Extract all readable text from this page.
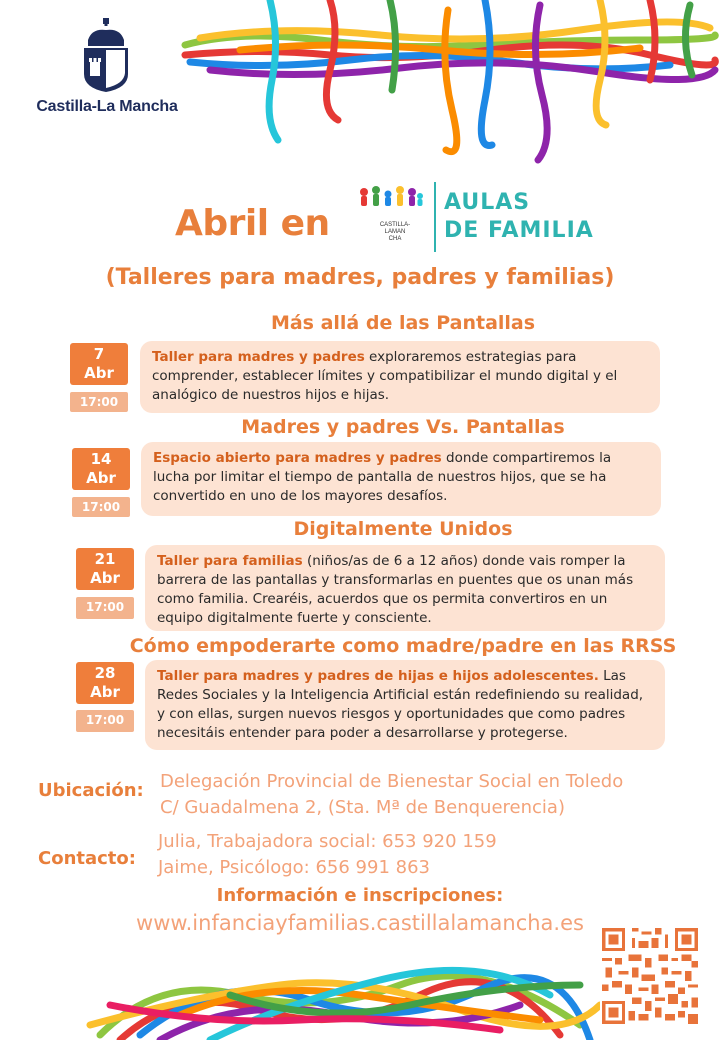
Castilla-La Mancha
Abril en	CASTILLA-
LAMAN
CHA
AULAS
DE FAMILIA
(Talleres para madres, padres y familias)
Más allá de las Pantallas
7
Abr
17:00
Taller para madres y padres exploraremos estrategias para comprender, establecer límites y compatibilizar el mundo digital y el analógico de nuestros hijos e hijas.
Madres y padres Vs. Pantallas
14
Abr
17:00
Espacio abierto para madres y padres donde compartiremos la lucha por limitar el tiempo de pantalla de nuestros hijos, que se ha convertido en uno de los mayores desafíos.
Digitalmente Unidos
21
Abr
17:00
Taller para familias (niños/as de 6 a 12 años) donde vais romper la barrera de las pantallas y transformarlas en puentes que os unan más como familia. Crearéis, acuerdos que os permita convertiros en un equipo digitalmente fuerte y consciente.
Cómo empoderarte como madre/padre en las RRSS
28
Abr
17:00
Taller para madres y padres de hijas e hijos adolescentes. Las Redes Sociales y la Inteligencia Artificial están redefiniendo su realidad, y con ellas, surgen nuevos riesgos y oportunidades que como padres necesitáis entender para poder a desarrollarse y protegerse.
Ubicación: Delegación Provincial de Bienestar Social en Toledo
C/ Guadalmena 2, (Sta. Mª de Benquerencia)
Contacto:
Julia, Trabajadora social: 653 920 159
Jaime, Psicólogo: 656 991 863
Información e inscripciones:
www.infanciayfamilias.castillalamancha.es
